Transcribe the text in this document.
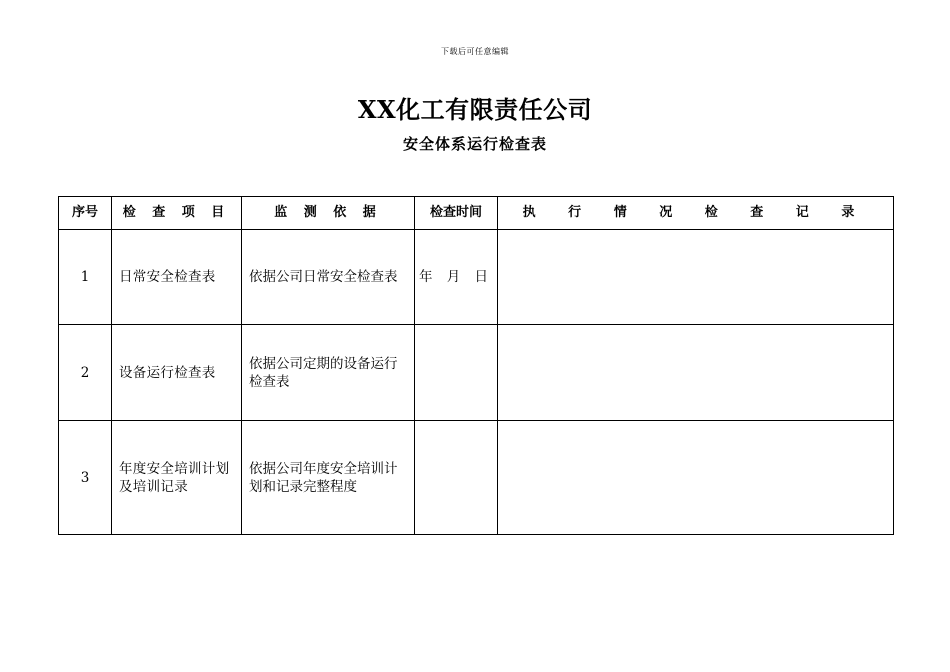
下载后可任意编辑
XX化工有限责任公司
安全体系运行检查表
序号	检 查 项 目	监 测 依 据	检查时间	执 行 情 况 检 查 记 录
1	日常安全检查表	依据公司日常安全检查表	年 月 日	
2	设备运行检查表	依据公司定期的设备运行检查表		
3	年度安全培训计划及培训记录	依据公司年度安全培训计划和记录完整程度		
